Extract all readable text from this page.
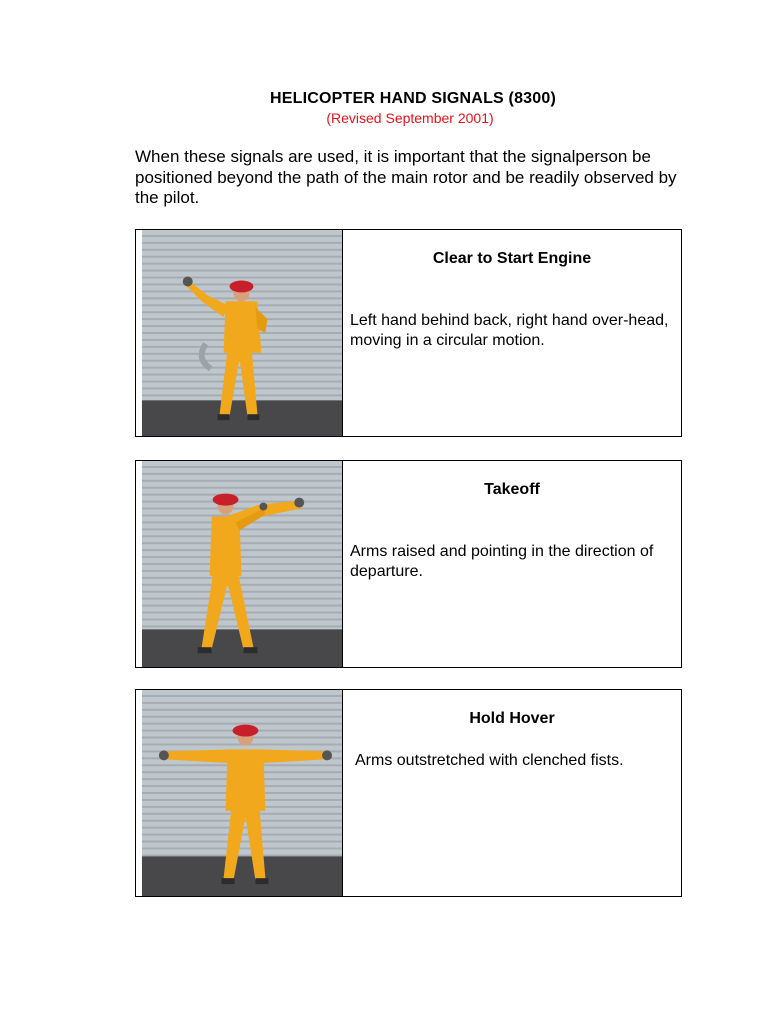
HELICOPTER HAND SIGNALS (8300)
(Revised September 2001)
When these signals are used, it is important that the signalperson be positioned beyond the path of the main rotor and be readily observed by the pilot.
Clear to Start Engine
Left hand behind back, right hand over-head, moving in a circular motion.
Takeoff
Arms raised and pointing in the direction of departure.
Hold Hover
Arms outstretched with clenched fists.
